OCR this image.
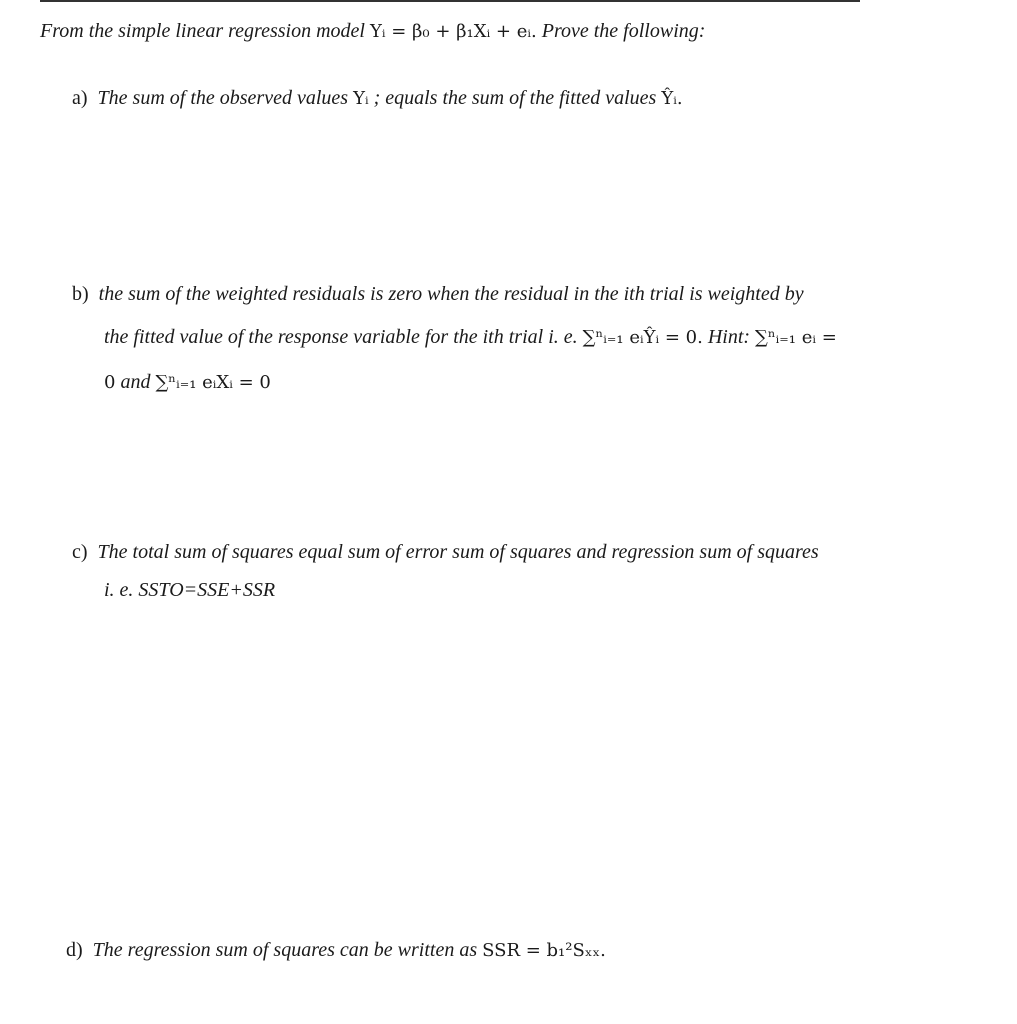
From the simple linear regression model Yᵢ = β₀ + β₁Xᵢ + eᵢ. Prove the following:
a) The sum of the observed values Yᵢ ; equals the sum of the fitted values Ŷᵢ.
b) the sum of the weighted residuals is zero when the residual in the ith trial is weighted by
the fitted value of the response variable for the ith trial i. e. ∑ⁿᵢ₌₁ eᵢŶᵢ = 0. Hint: ∑ⁿᵢ₌₁ eᵢ =
0 and ∑ⁿᵢ₌₁ eᵢXᵢ = 0
c) The total sum of squares equal sum of error sum of squares and regression sum of squares
i. e. SSTO=SSE+SSR
d) The regression sum of squares can be written as SSR = b₁²Sₓₓ.
